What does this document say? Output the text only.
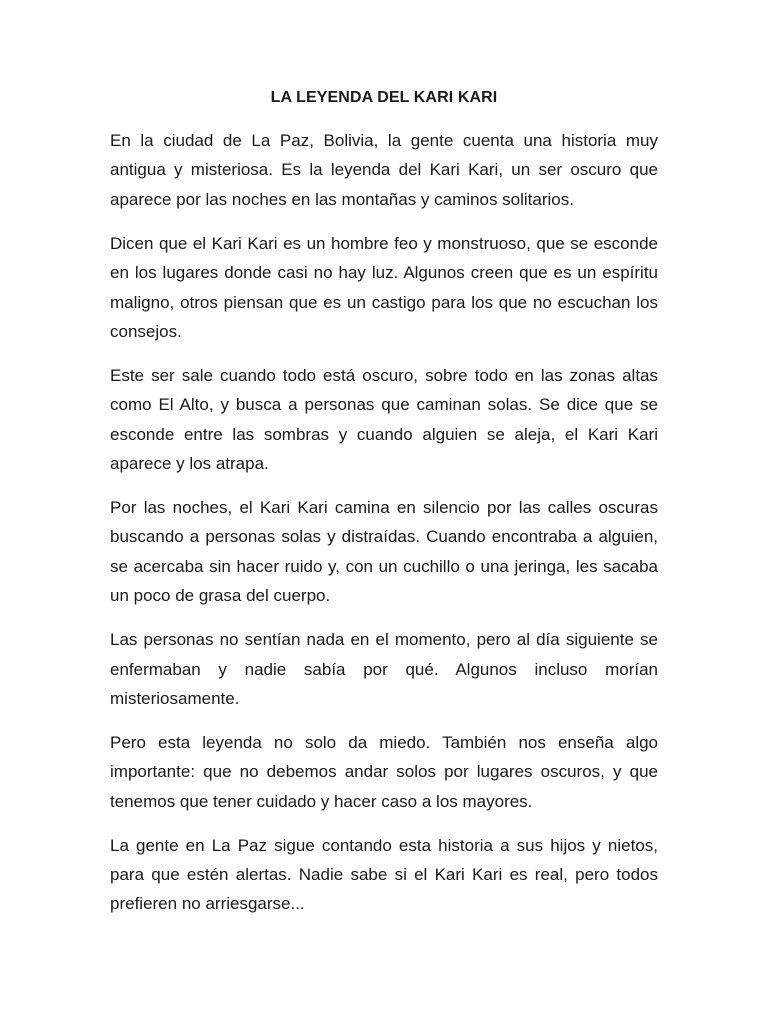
LA LEYENDA DEL KARI KARI

En la ciudad de La Paz, Bolivia, la gente cuenta una historia muy antigua y misteriosa. Es la leyenda del Kari Kari, un ser oscuro que aparece por las noches en las montañas y caminos solitarios.

Dicen que el Kari Kari es un hombre feo y monstruoso, que se esconde en los lugares donde casi no hay luz. Algunos creen que es un espíritu maligno, otros piensan que es un castigo para los que no escuchan los consejos.

Este ser sale cuando todo está oscuro, sobre todo en las zonas altas como El Alto, y busca a personas que caminan solas. Se dice que se esconde entre las sombras y cuando alguien se aleja, el Kari Kari aparece y los atrapa.

Por las noches, el Kari Kari camina en silencio por las calles oscuras buscando a personas solas y distraídas. Cuando encontraba a alguien, se acercaba sin hacer ruido y, con un cuchillo o una jeringa, les sacaba un poco de grasa del cuerpo.

Las personas no sentían nada en el momento, pero al día siguiente se enfermaban y nadie sabía por qué. Algunos incluso morían misteriosamente.

Pero esta leyenda no solo da miedo. También nos enseña algo importante: que no debemos andar solos por lugares oscuros, y que tenemos que tener cuidado y hacer caso a los mayores.

La gente en La Paz sigue contando esta historia a sus hijos y nietos, para que estén alertas. Nadie sabe si el Kari Kari es real, pero todos prefieren no arriesgarse...
